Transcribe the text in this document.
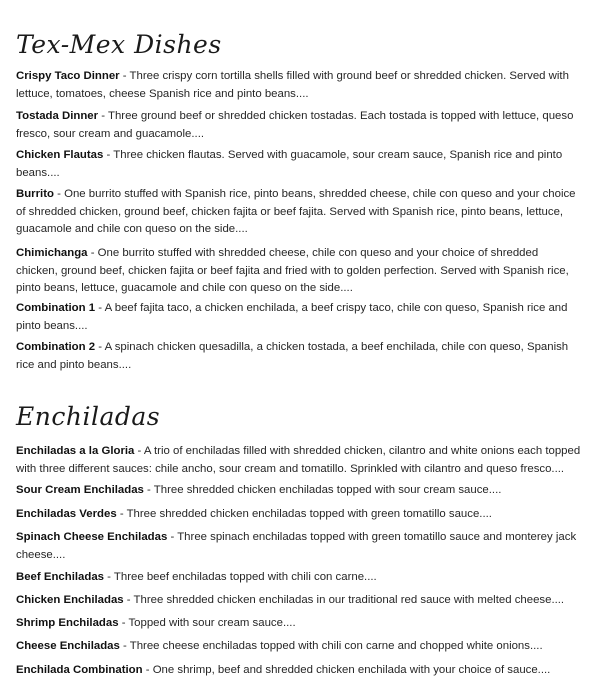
Tex-Mex Dishes

Crispy Taco Dinner - Three crispy corn tortilla shells filled with ground beef or shredded chicken. Served with lettuce, tomatoes, cheese Spanish rice and pinto beans....

Tostada Dinner - Three ground beef or shredded chicken tostadas. Each tostada is topped with lettuce, queso fresco, sour cream and guacamole....

Chicken Flautas - Three chicken flautas. Served with guacamole, sour cream sauce, Spanish rice and pinto beans....

Burrito - One burrito stuffed with Spanish rice, pinto beans, shredded cheese, chile con queso and your choice of shredded chicken, ground beef, chicken fajita or beef fajita. Served with Spanish rice, pinto beans, lettuce, guacamole and chile con queso on the side....

Chimichanga - One burrito stuffed with shredded cheese, chile con queso and your choice of shredded chicken, ground beef, chicken fajita or beef fajita and fried with to golden perfection. Served with Spanish rice, pinto beans, lettuce, guacamole and chile con queso on the side....

Combination 1 - A beef fajita taco, a chicken enchilada, a beef crispy taco, chile con queso, Spanish rice and pinto beans....

Combination 2 - A spinach chicken quesadilla, a chicken tostada, a beef enchilada, chile con queso, Spanish rice and pinto beans....

Enchiladas

Enchiladas a la Gloria - A trio of enchiladas filled with shredded chicken, cilantro and white onions each topped with three different sauces: chile ancho, sour cream and tomatillo. Sprinkled with cilantro and queso fresco....

Sour Cream Enchiladas - Three shredded chicken enchiladas topped with sour cream sauce....

Enchiladas Verdes - Three shredded chicken enchiladas topped with green tomatillo sauce....

Spinach Cheese Enchiladas - Three spinach enchiladas topped with green tomatillo sauce and monterey jack cheese....

Beef Enchiladas - Three beef enchiladas topped with chili con carne....

Chicken Enchiladas - Three shredded chicken enchiladas in our traditional red sauce with melted cheese....

Shrimp Enchiladas - Topped with sour cream sauce....

Cheese Enchiladas - Three cheese enchiladas topped with chili con carne and chopped white onions....

Enchilada Combination - One shrimp, beef and shredded chicken enchilada with your choice of sauce....
